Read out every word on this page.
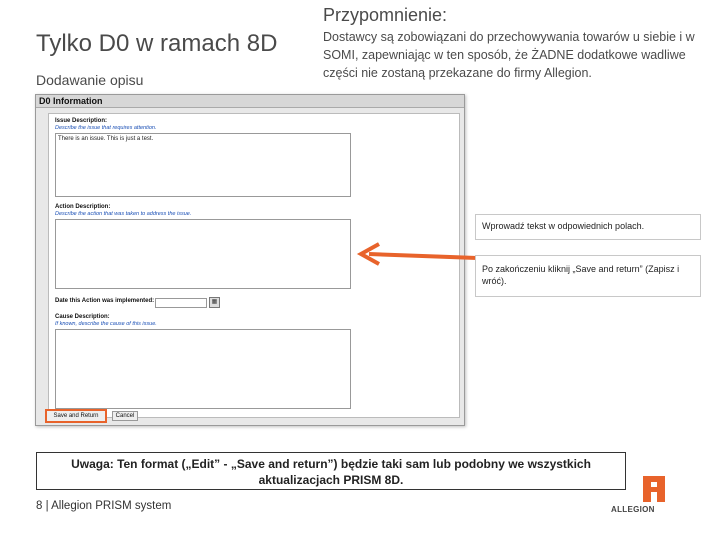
Tylko D0 w ramach 8D
Dodawanie opisu
Przypomnienie:
Dostawcy są zobowiązani do przechowywania towarów u siebie i w SOMI, zapewniając w ten sposób, że ŻADNE dodatkowe wadliwe części nie zostaną przekazane do firmy Allegion.
D0 Information
Issue Description:
Describe the issue that requires attention.
There is an issue. This is just a test.
Action Description:
Describe the action that was taken to address the issue.
Date this Action was implemented:	▦
Cause Description:
If known, describe the cause of this issue.
Save and Return	Cancel
Wprowadź tekst w odpowiednich polach.
Po zakończeniu kliknij „Save and return” (Zapisz i wróć).
Uwaga: Ten format („Edit” - „Save and return”) będzie taki sam lub podobny we wszystkich aktualizacjach PRISM 8D.
8 | Allegion PRISM system	ALLEGION
